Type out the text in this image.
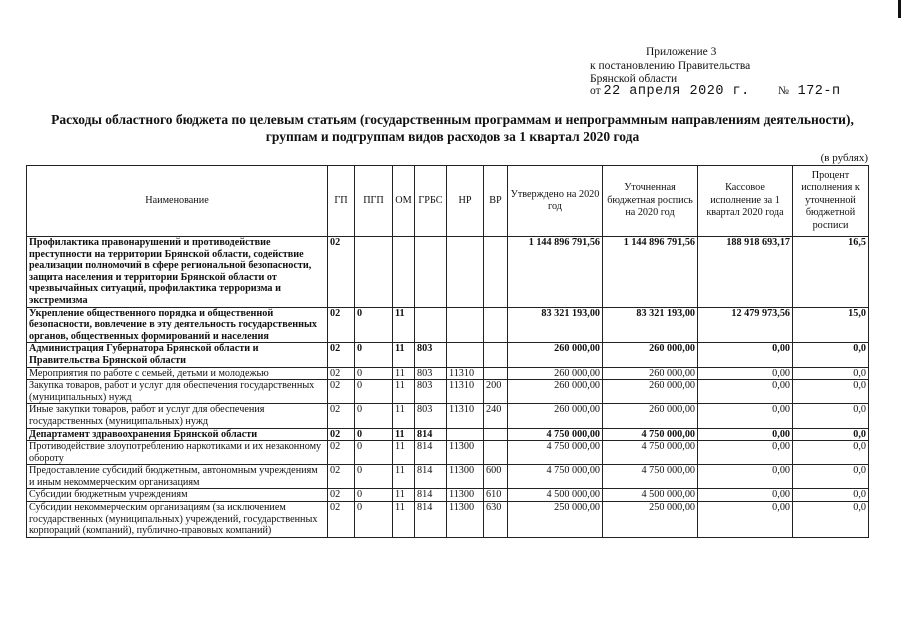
Приложение 3
к постановлению Правительства
Брянской области
от 22 апреля 2020 г. № 172-п
Расходы областного бюджета по целевым статьям (государственным программам и непрограммным направлениям деятельности),
группам и подгруппам видов расходов за 1 квартал 2020 года
(в рублях)
Наименование	ГП	ПГП	ОМ	ГРБС	НР	ВР	Утверждено на 2020 год	Уточненная бюджетная роспись на 2020 год	Кассовое исполнение за 1 квартал 2020 года	Процент исполнения к уточненной бюджетной росписи
Профилактика правонарушений и противодействие преступности на территории Брянской области, содействие реализации полномочий в сфере региональной безопасности, защита населения и территории Брянской области от чрезвычайных ситуаций, профилактика терроризма и экстремизма	02						1 144 896 791,56	1 144 896 791,56	188 918 693,17	16,5
Укрепление общественного порядка и общественной безопасности, вовлечение в эту деятельность государственных органов, общественных формирований и населения	02	0	11				83 321 193,00	83 321 193,00	12 479 973,56	15,0
Администрация Губернатора Брянской области и Правительства Брянской области	02	0	11	803			260 000,00	260 000,00	0,00	0,0
Мероприятия по работе с семьей, детьми и молодежью	02	0	11	803	11310		260 000,00	260 000,00	0,00	0,0
Закупка товаров, работ и услуг для обеспечения государственных (муниципальных) нужд	02	0	11	803	11310	200	260 000,00	260 000,00	0,00	0,0
Иные закупки товаров, работ и услуг для обеспечения государственных (муниципальных) нужд	02	0	11	803	11310	240	260 000,00	260 000,00	0,00	0,0
Департамент здравоохранения Брянской области	02	0	11	814			4 750 000,00	4 750 000,00	0,00	0,0
Противодействие злоупотреблению наркотиками и их незаконному обороту	02	0	11	814	11300		4 750 000,00	4 750 000,00	0,00	0,0
Предоставление субсидий бюджетным, автономным учреждениям и иным некоммерческим организациям	02	0	11	814	11300	600	4 750 000,00	4 750 000,00	0,00	0,0
Субсидии бюджетным учреждениям	02	0	11	814	11300	610	4 500 000,00	4 500 000,00	0,00	0,0
Субсидии некоммерческим организациям (за исключением государственных (муниципальных) учреждений, государственных корпораций (компаний), публично-правовых компаний)	02	0	11	814	11300	630	250 000,00	250 000,00	0,00	0,0
